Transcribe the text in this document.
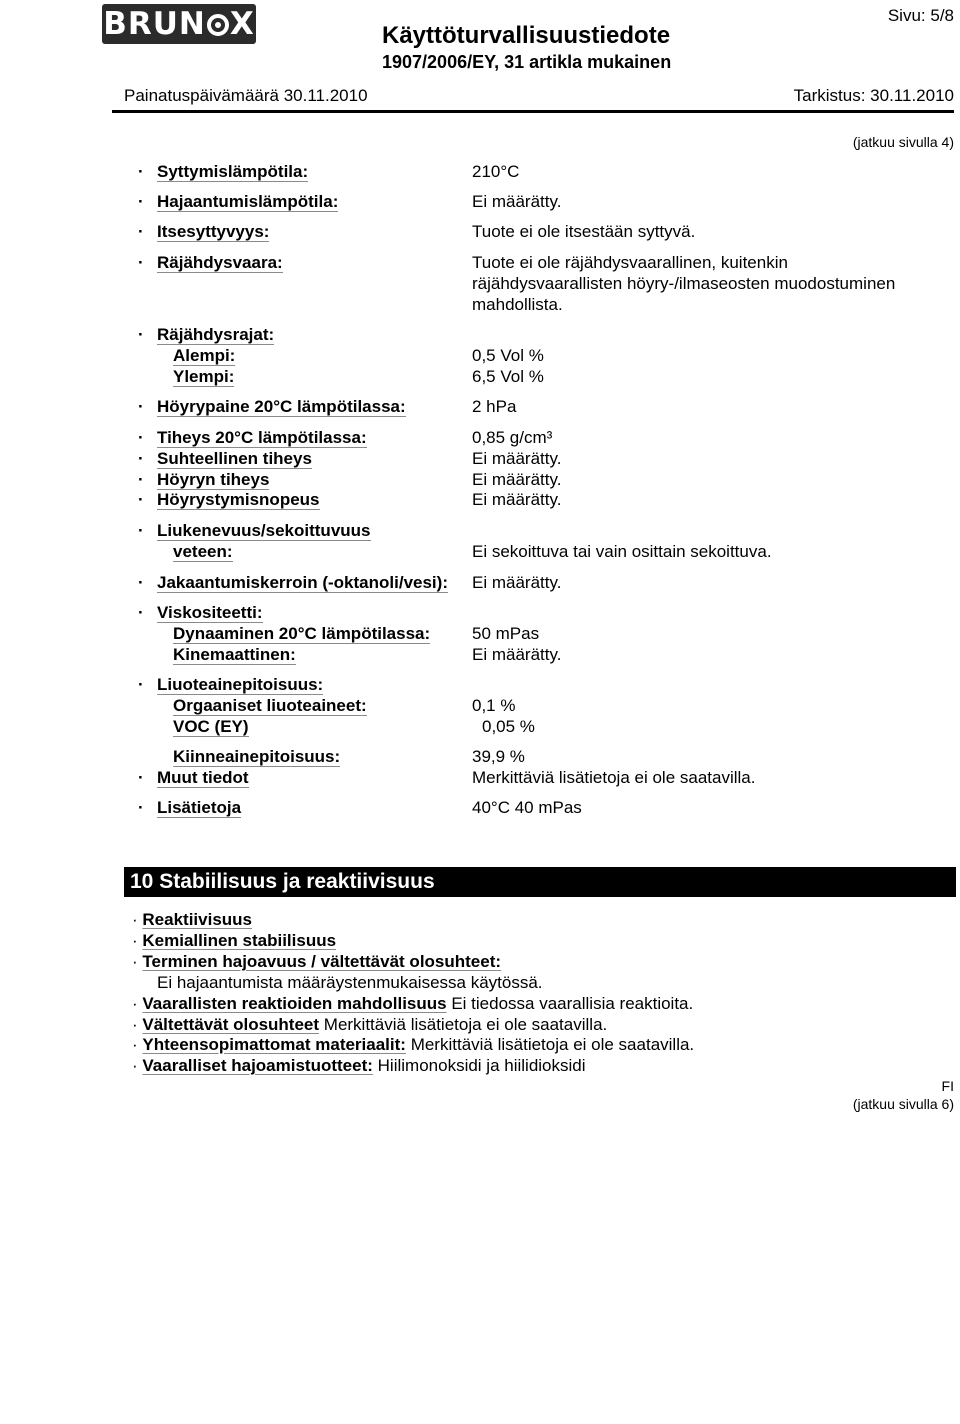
BRUN X	Sivu: 5/8
Käyttöturvallisuustiedote
1907/2006/EY, 31 artikla mukainen
Painatuspäivämäärä 30.11.2010	Tarkistus: 30.11.2010
(jatkuu sivulla 4)
· Syttymislämpötila:	210°C
· Hajaantumislämpötila:	Ei määrätty.
· Itsesyttyvyys:	Tuote ei ole itsestään syttyvä.
· Räjähdysvaara:	Tuote ei ole räjähdysvaarallinen, kuitenkin
räjähdysvaarallisten höyry-/ilmaseosten muodostuminen
mahdollista.
· Räjähdysrajat:
Alempi:	0,5 Vol %
Ylempi:	6,5 Vol %
· Höyrypaine 20°C lämpötilassa:	2 hPa
· Tiheys 20°C lämpötilassa:	0,85 g/cm³
· Suhteellinen tiheys	Ei määrätty.
· Höyryn tiheys	Ei määrätty.
· Höyrystymisnopeus	Ei määrätty.
· Liukenevuus/sekoittuvuus
veteen:	Ei sekoittuva tai vain osittain sekoittuva.
· Jakaantumiskerroin (-oktanoli/vesi): Ei määrätty.
· Viskositeetti:
Dynaaminen 20°C lämpötilassa: 50 mPas
Kinemaattinen:	Ei määrätty.
· Liuoteainepitoisuus:
Orgaaniset liuoteaineet:	0,1 %
VOC (EY)	0,05 %
Kiinneainepitoisuus:	39,9 %
· Muut tiedot	Merkittäviä lisätietoja ei ole saatavilla.
· Lisätietoja	40°C 40 mPas
10 Stabiilisuus ja reaktiivisuus
· Reaktiivisuus
· Kemiallinen stabiilisuus
· Terminen hajoavuus / vältettävät olosuhteet:
Ei hajaantumista määräystenmukaisessa käytössä.
· Vaarallisten reaktioiden mahdollisuus Ei tiedossa vaarallisia reaktioita.
· Vältettävät olosuhteet Merkittäviä lisätietoja ei ole saatavilla.
· Yhteensopimattomat materiaalit: Merkittäviä lisätietoja ei ole saatavilla.
· Vaaralliset hajoamistuotteet: Hiilimonoksidi ja hiilidioksidi
FI
(jatkuu sivulla 6)
